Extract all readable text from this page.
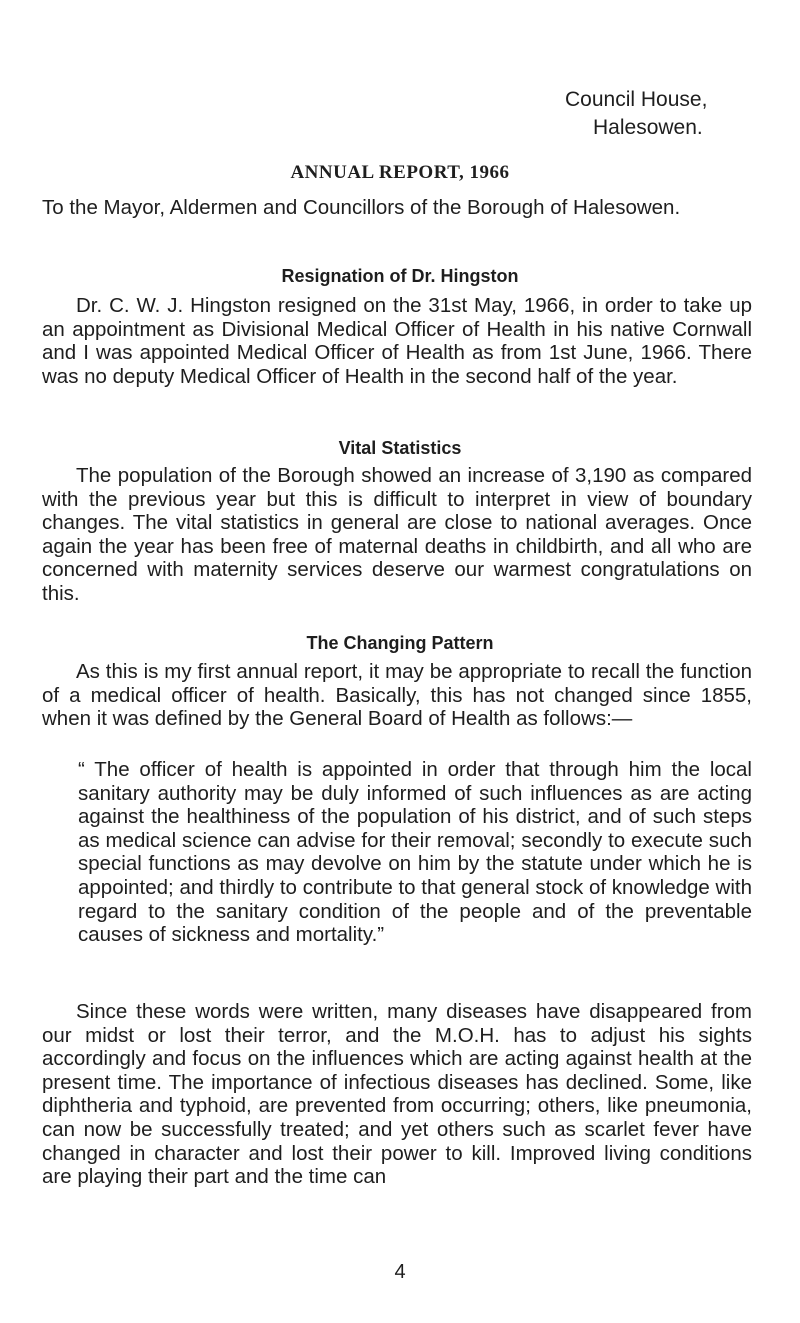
Council House,
Halesowen.
ANNUAL REPORT, 1966

To the Mayor, Aldermen and Councillors of the Borough of Halesowen.

Resignation of Dr. Hingston

Dr. C. W. J. Hingston resigned on the 31st May, 1966, in order to take up an appointment as Divisional Medical Officer of Health in his native Cornwall and I was appointed Medical Officer of Health as from 1st June, 1966. There was no deputy Medical Officer of Health in the second half of the year.

Vital Statistics

The population of the Borough showed an increase of 3,190 as compared with the previous year but this is difficult to interpret in view of boundary changes. The vital statistics in general are close to national averages. Once again the year has been free of maternal deaths in childbirth, and all who are concerned with maternity services deserve our warmest congratulations on this.

The Changing Pattern

As this is my first annual report, it may be appropriate to recall the function of a medical officer of health. Basically, this has not changed since 1855, when it was defined by the General Board of Health as follows:—

“ The officer of health is appointed in order that through him the local sanitary authority may be duly informed of such influences as are acting against the healthiness of the population of his district, and of such steps as medical science can advise for their removal; secondly to execute such special functions as may devolve on him by the statute under which he is appointed; and thirdly to contribute to that general stock of knowledge with regard to the sanitary condition of the people and of the preventable causes of sickness and mortality.”

Since these words were written, many diseases have disappeared from our midst or lost their terror, and the M.O.H. has to adjust his sights accordingly and focus on the influences which are acting against health at the present time. The importance of infectious diseases has declined. Some, like diphtheria and typhoid, are prevented from occurring; others, like pneumonia, can now be successfully treated; and yet others such as scarlet fever have changed in character and lost their power to kill. Improved living conditions are playing their part and the time can

4
